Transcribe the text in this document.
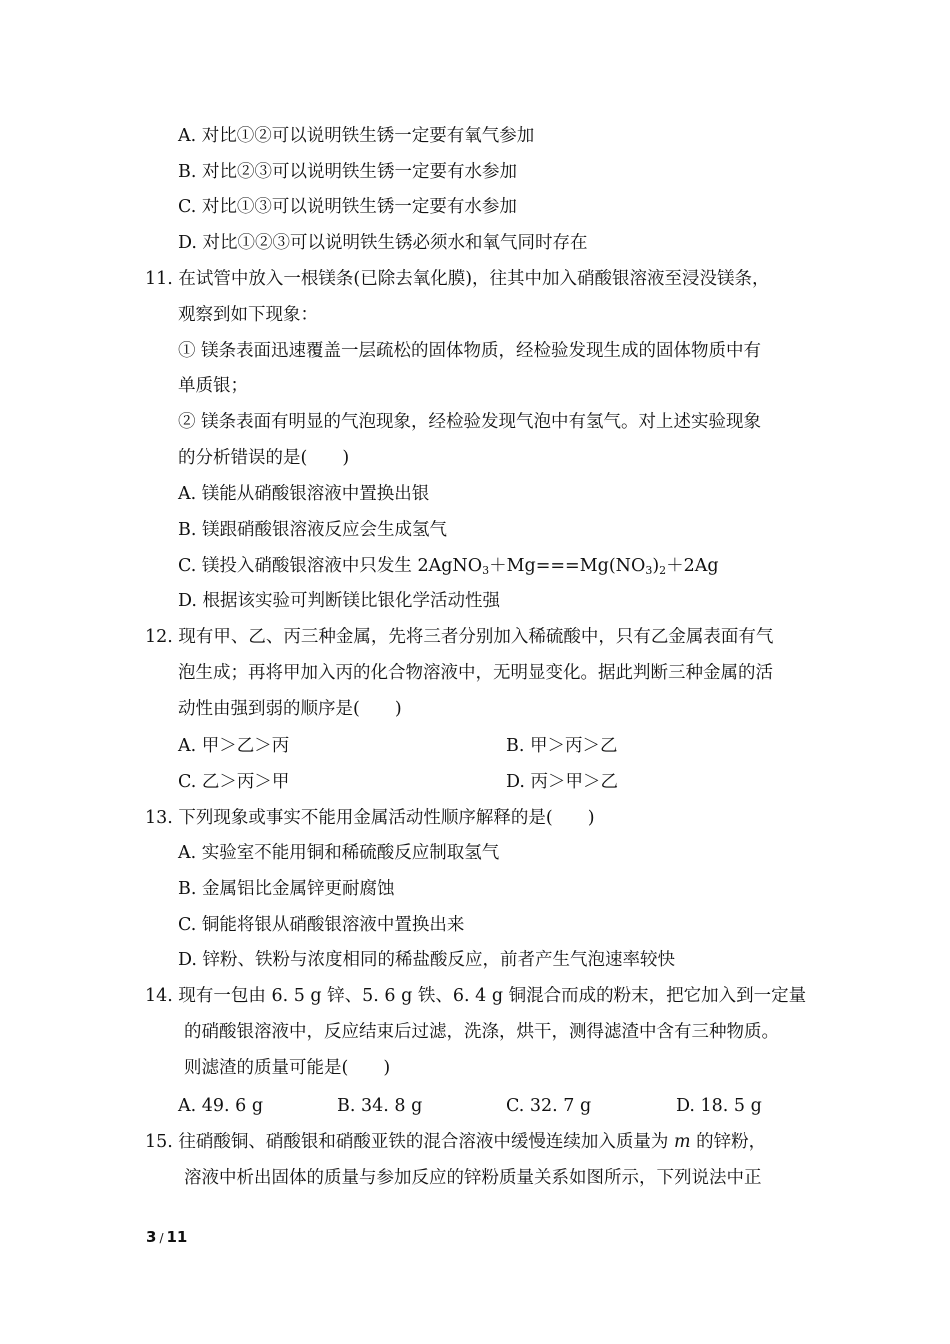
A. 对比①②可以说明铁生锈一定要有氧气参加
B. 对比②③可以说明铁生锈一定要有水参加
C. 对比①③可以说明铁生锈一定要有水参加
D. 对比①②③可以说明铁生锈必须水和氧气同时存在
11. 在试管中放入一根镁条(已除去氧化膜)，往其中加入硝酸银溶液至浸没镁条，
观察到如下现象：
① 镁条表面迅速覆盖一层疏松的固体物质，经检验发现生成的固体物质中有
单质银；
② 镁条表面有明显的气泡现象，经检验发现气泡中有氢气。对上述实验现象
的分析错误的是(　　)
A. 镁能从硝酸银溶液中置换出银
B. 镁跟硝酸银溶液反应会生成氢气
C. 镁投入硝酸银溶液中只发生 $2AgNO_3+Mg===Mg(NO_3)_2+2Ag$
D. 根据该实验可判断镁比银化学活动性强
12. 现有甲、乙、丙三种金属，先将三者分别加入稀硫酸中，只有乙金属表面有气
泡生成；再将甲加入丙的化合物溶液中，无明显变化。据此判断三种金属的活
动性由强到弱的顺序是(　　)
A. 甲＞乙＞丙	B. 甲＞丙＞乙
C. 乙＞丙＞甲	D. 丙＞甲＞乙
13. 下列现象或事实不能用金属活动性顺序解释的是(　　)
A. 实验室不能用铜和稀硫酸反应制取氢气
B. 金属铝比金属锌更耐腐蚀
C. 铜能将银从硝酸银溶液中置换出来
D. 锌粉、铁粉与浓度相同的稀盐酸反应，前者产生气泡速率较快
14. 现有一包由 6. 5 g 锌、5. 6 g 铁、6. 4 g 铜混合而成的粉末，把它加入到一定量
的硝酸银溶液中，反应结束后过滤，洗涤，烘干，测得滤渣中含有三种物质。
则滤渣的质量可能是(　　)
A. 49. 6 g	B. 34. 8 g	C. 32. 7 g	D. 18. 5 g
15. 往硝酸铜、硝酸银和硝酸亚铁的混合溶液中缓慢连续加入质量为 m 的锌粉，
溶液中析出固体的质量与参加反应的锌粉质量关系如图所示，下列说法中正
3 / 11
